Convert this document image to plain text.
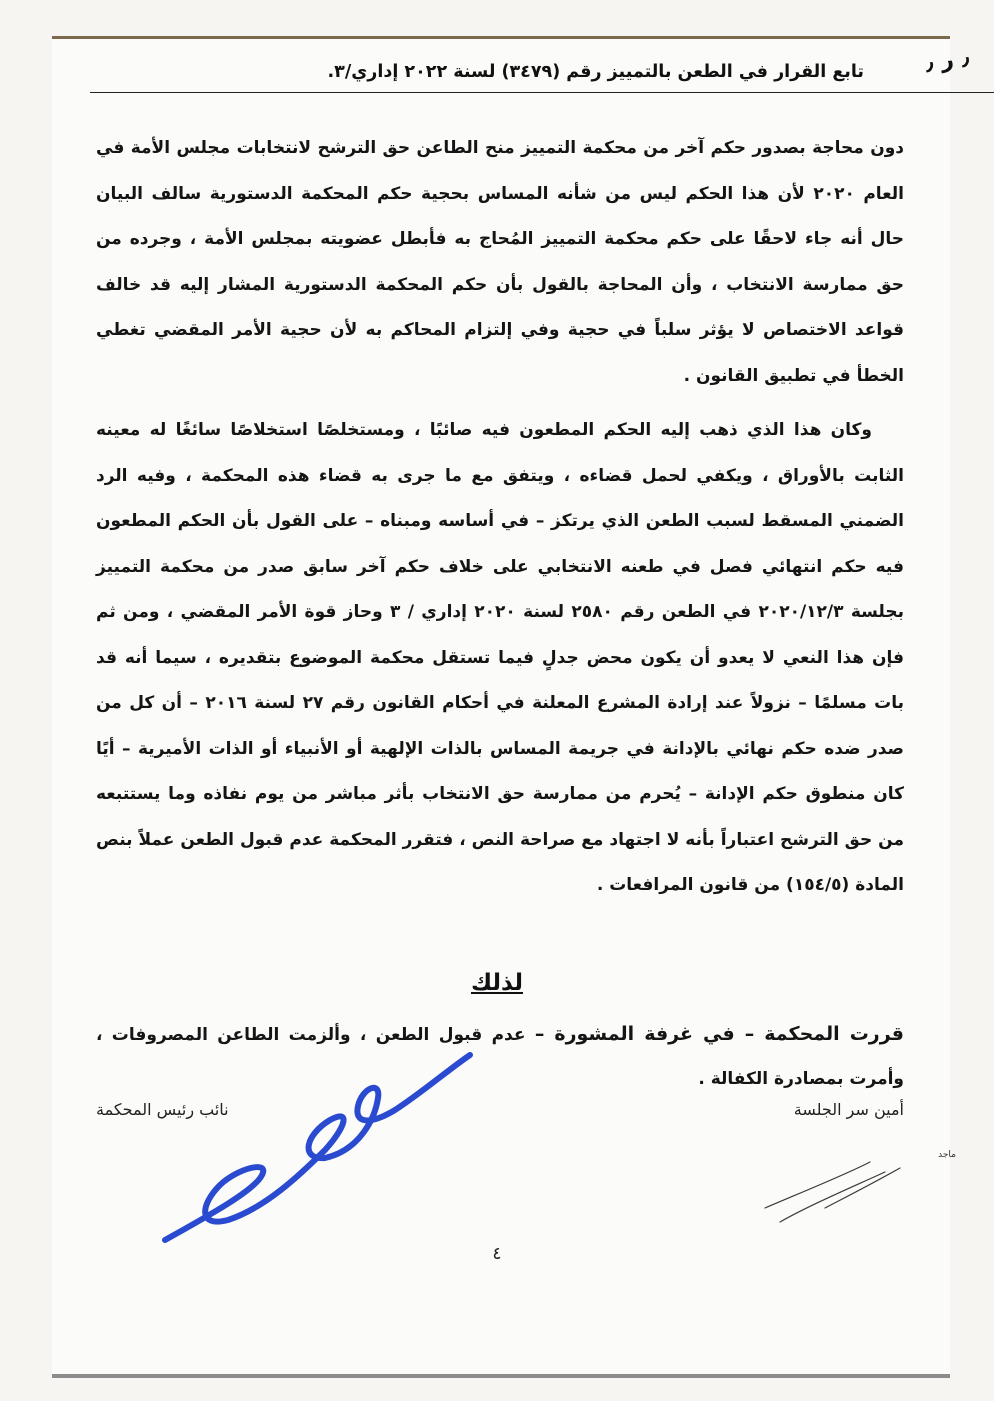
٫ ر ٫
تابع القرار في الطعن بالتمييز رقم (٣٤٧٩) لسنة ٢٠٢٢ إداري/٣.

دون محاجة بصدور حكم آخر من محكمة التمييز منح الطاعن حق الترشح لانتخابات مجلس الأمة في العام ٢٠٢٠ لأن هذا الحكم ليس من شأنه المساس بحجية حكم المحكمة الدستورية سالف البيان حال أنه جاء لاحقًا على حكم محكمة التمييز المُحاج به فأبطل عضويته بمجلس الأمة ، وجرده من حق ممارسة الانتخاب ، وأن المحاجة بالقول بأن حكم المحكمة الدستورية المشار إليه قد خالف قواعد الاختصاص لا يؤثر سلباً في حجية وفي إلتزام المحاكم به لأن حجية الأمر المقضي تغطي الخطأ في تطبيق القانون .

وكان هذا الذي ذهب إليه الحكم المطعون فيه صائبًا ، ومستخلصًا استخلاصًا سائغًا له معينه الثابت بالأوراق ، ويكفي لحمل قضاءه ، ويتفق مع ما جرى به قضاء هذه المحكمة ، وفيه الرد الضمني المسقط لسبب الطعن الذي يرتكز – في أساسه ومبناه – على القول بأن الحكم المطعون فيه حكم انتهائي فصل في طعنه الانتخابي على خلاف حكم آخر سابق صدر من محكمة التمييز بجلسة ٢٠٢٠/١٢/٣ في الطعن رقم ٢٥٨٠ لسنة ٢٠٢٠ إداري / ٣ وحاز قوة الأمر المقضي ، ومن ثم فإن هذا النعي لا يعدو أن يكون محض جدلٍ فيما تستقل محكمة الموضوع بتقديره ، سيما أنه قد بات مسلمًا – نزولاً عند إرادة المشرع المعلنة في أحكام القانون رقم ٢٧ لسنة ٢٠١٦ – أن كل من صدر ضده حكم نهائي بالإدانة في جريمة المساس بالذات الإلهية أو الأنبياء أو الذات الأميرية – أيًا كان منطوق حكم الإدانة – يُحرم من ممارسة حق الانتخاب بأثر مباشر من يوم نفاذه وما يستتبعه من حق الترشح اعتباراً بأنه لا اجتهاد مع صراحة النص ، فتقرر المحكمة عدم قبول الطعن عملاً بنص المادة (١٥٤/٥) من قانون المرافعات .

لذلك
قررت المحكمة – في غرفة المشورة – عدم قبول الطعن ، وألزمت الطاعن المصروفات ، وأمرت بمصادرة الكفالة .
نائب رئيس المحكمة	أمين سر الجلسة
ماجد
٤
